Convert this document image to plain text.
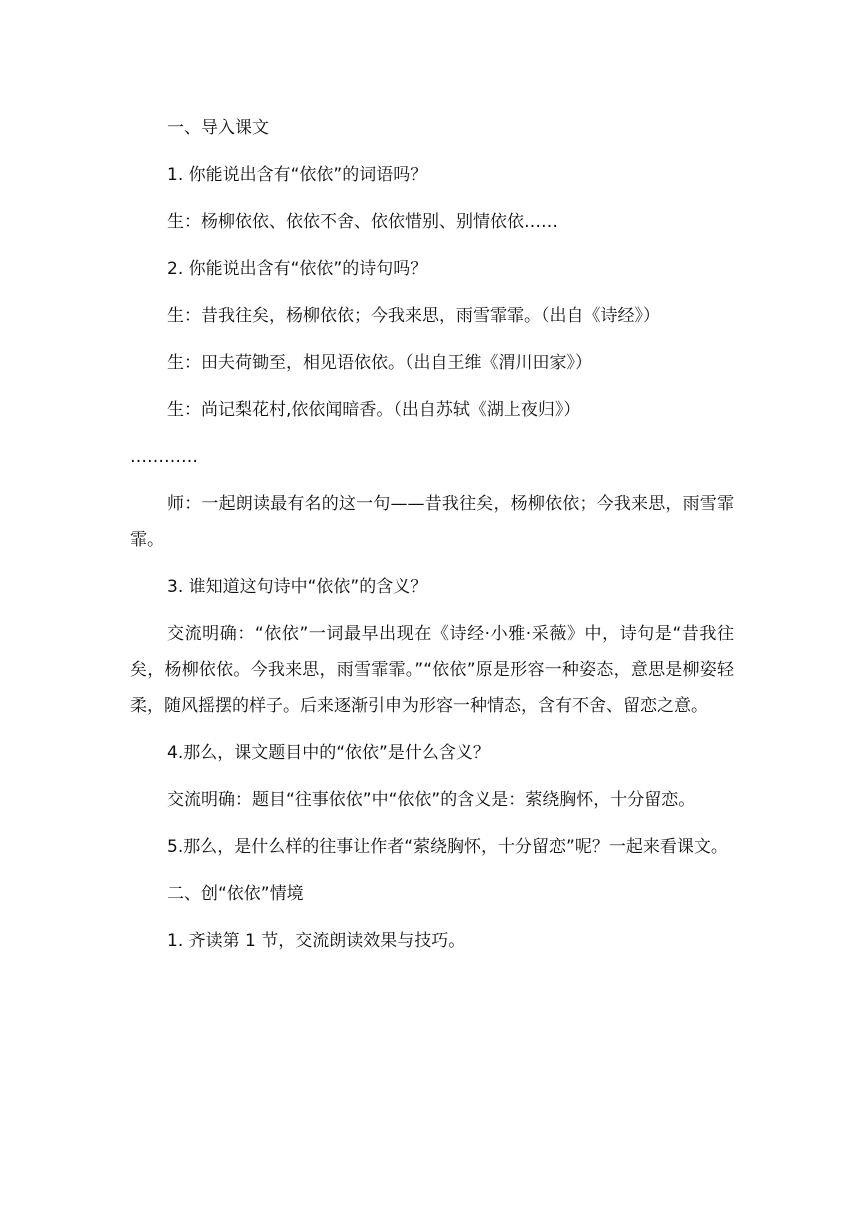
一、导入课文

1. 你能说出含有“依依”的词语吗？

生：杨柳依依、依依不舍、依依惜别、别情依依……

2. 你能说出含有“依依”的诗句吗？

生：昔我往矣，杨柳依依；今我来思，雨雪霏霏。（出自《诗经》）

生：田夫荷锄至，相见语依依。（出自王维《渭川田家》）

生：尚记梨花村,依依闻暗香。（出自苏轼《湖上夜归》）

…………

师：一起朗读最有名的这一句——昔我往矣，杨柳依依；今我来思，雨雪霏霏。

3. 谁知道这句诗中“依依”的含义？

交流明确：“依依”一词最早出现在《诗经·小雅·采薇》中，诗句是“昔我往矣，杨柳依依。今我来思，雨雪霏霏。”“依依”原是形容一种姿态，意思是柳姿轻柔，随风摇摆的样子。后来逐渐引申为形容一种情态，含有不舍、留恋之意。

4.那么，课文题目中的“依依”是什么含义？

交流明确：题目“往事依依”中“依依”的含义是：萦绕胸怀，十分留恋。

5.那么，是什么样的往事让作者“萦绕胸怀，十分留恋”呢？一起来看课文。

二、创“依依”情境

1. 齐读第 1 节，交流朗读效果与技巧。
